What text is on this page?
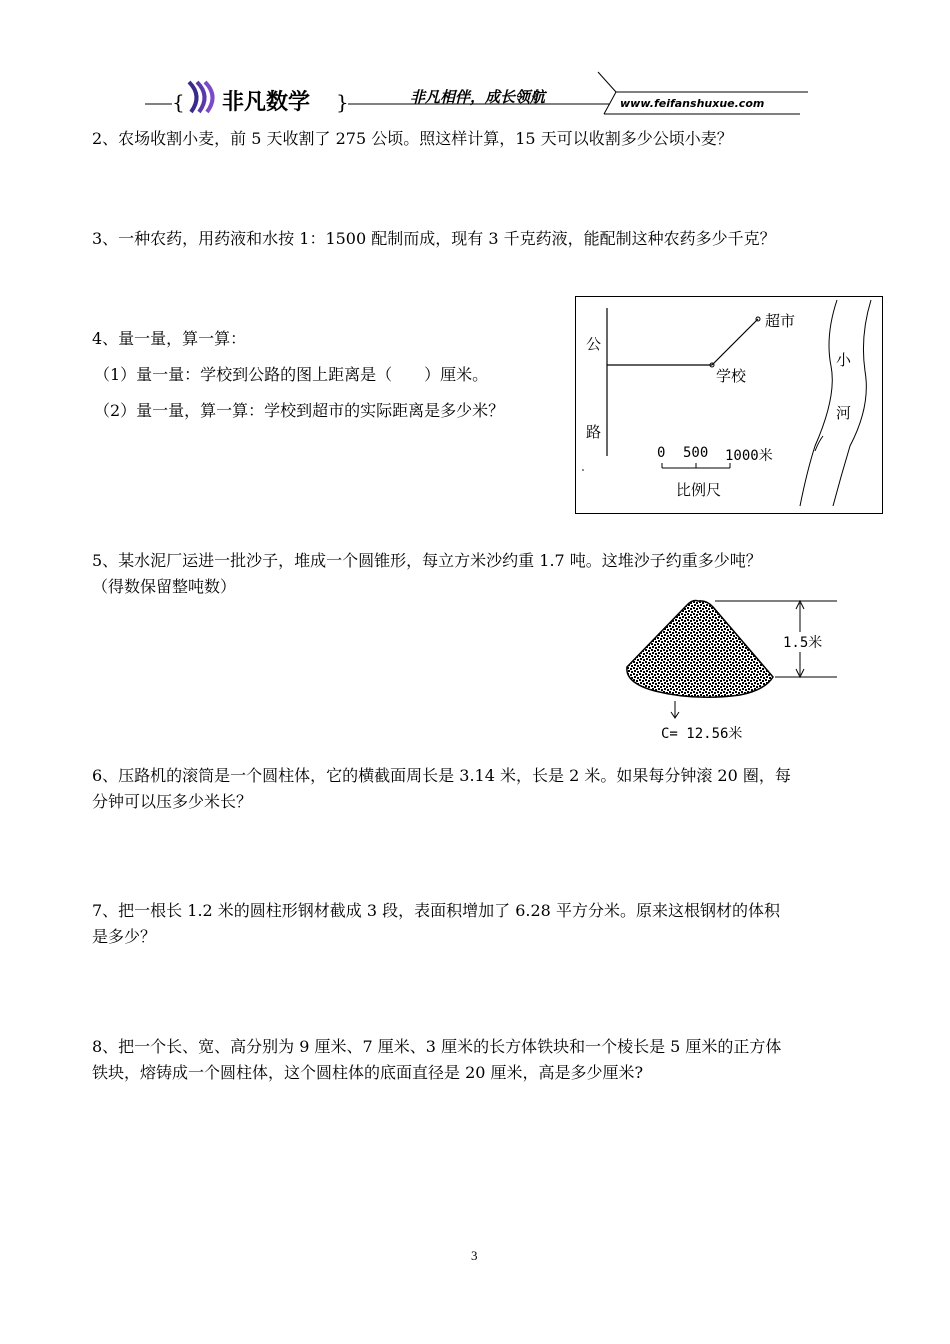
{ 非凡数学 }	非凡相伴，成长领航	www.feifanshuxue.com
2、农场收割小麦，前 5 天收割了 275 公顷。照这样计算，15 天可以收割多少公顷小麦？
3、一种农药，用药液和水按 1：1500 配制而成，现有 3 千克药液，能配制这种农药多少千克？
4、量一量，算一算：
（1）量一量：学校到公路的图上距离是（　　）厘米。
（2）量一量，算一算：学校到超市的实际距离是多少米？
公
路
超市
学校
小
河
0 500 1000米
比例尺
5、某水泥厂运进一批沙子，堆成一个圆锥形，每立方米沙约重 1.7 吨。这堆沙子约重多少吨？
（得数保留整吨数）
1.5米
C= 12.56米
6、压路机的滚筒是一个圆柱体，它的横截面周长是 3.14 米，长是 2 米。如果每分钟滚 20 圈，每
分钟可以压多少米长？
7、把一根长 1.2 米的圆柱形钢材截成 3 段，表面积增加了 6.28 平方分米。原来这根钢材的体积
是多少？
8、把一个长、宽、高分别为 9 厘米、7 厘米、3 厘米的长方体铁块和一个棱长是 5 厘米的正方体
铁块，熔铸成一个圆柱体，这个圆柱体的底面直径是 20 厘米，高是多少厘米?
3
